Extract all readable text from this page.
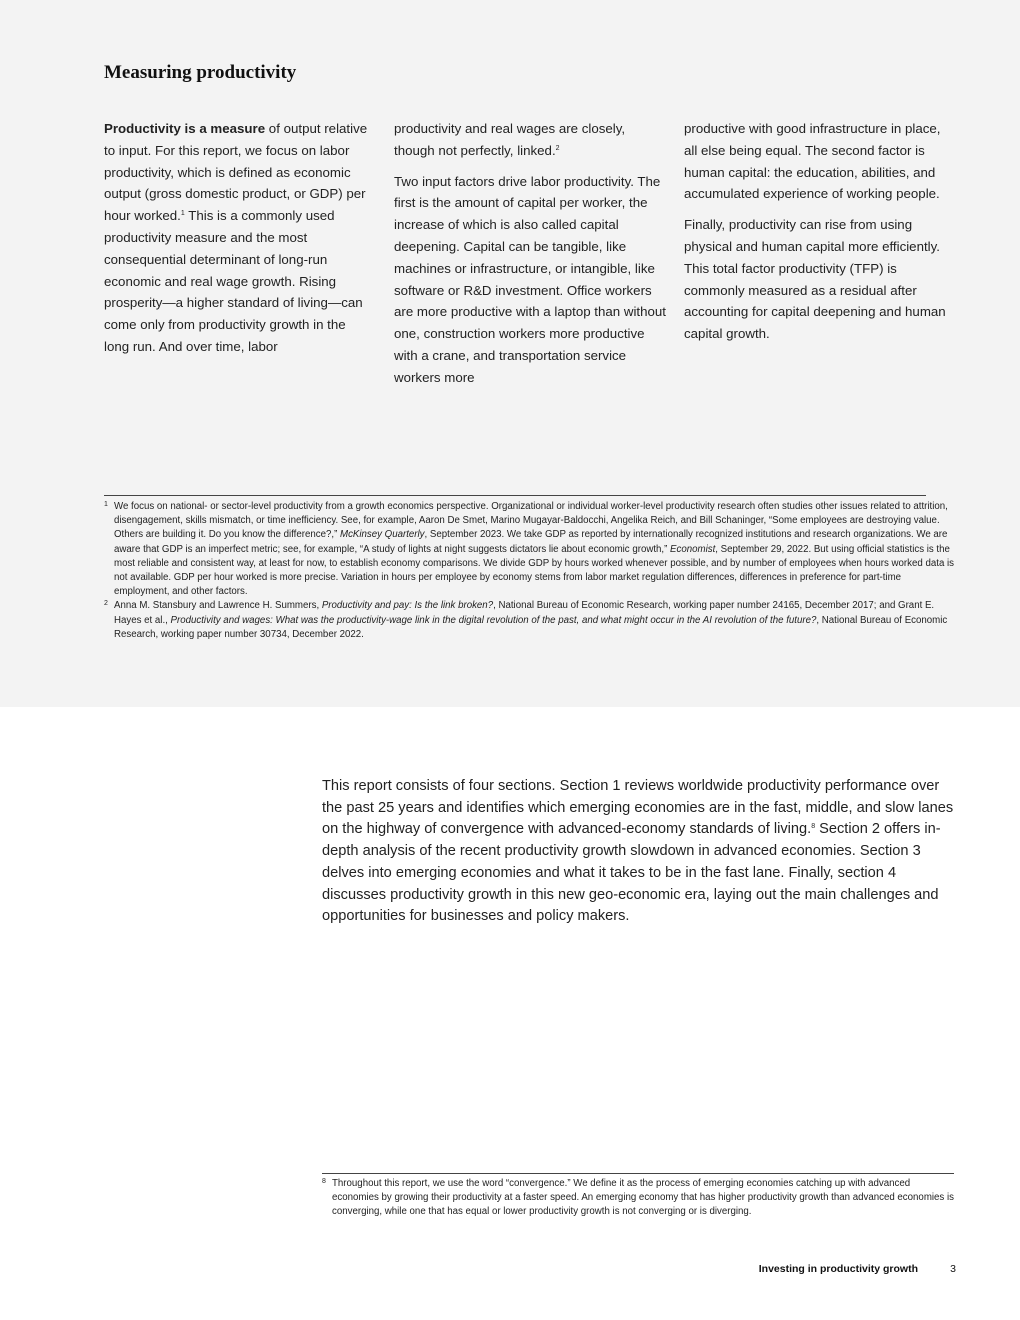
Measuring productivity

Productivity is a measure of output relative to input. For this report, we focus on labor productivity, which is defined as economic output (gross domestic product, or GDP) per hour worked.$^1$ This is a commonly used productivity measure and the most consequential determinant of long-run economic and real wage growth. Rising prosperity—a higher standard of living—can come only from productivity growth in the long run. And over time, labor

productivity and real wages are closely, though not perfectly, linked.$^2$

Two input factors drive labor productivity. The first is the amount of capital per worker, the increase of which is also called capital deepening. Capital can be tangible, like machines or infrastructure, or intangible, like software or R&D investment. Office workers are more productive with a laptop than without one, construction workers more productive with a crane, and transportation service workers more

productive with good infrastructure in place, all else being equal. The second factor is human capital: the education, abilities, and accumulated experience of working people.

Finally, productivity can rise from using physical and human capital more efficiently. This total factor productivity (TFP) is commonly measured as a residual after accounting for capital deepening and human capital growth.

1 We focus on national- or sector-level productivity from a growth economics perspective. Organizational or individual worker-level productivity research often studies other issues related to attrition, disengagement, skills mismatch, or time inefficiency. See, for example, Aaron De Smet, Marino Mugayar-Baldocchi, Angelika Reich, and Bill Schaninger, “Some employees are destroying value. Others are building it. Do you know the difference?,” McKinsey Quarterly, September 2023. We take GDP as reported by internationally recognized institutions and research organizations. We are aware that GDP is an imperfect metric; see, for example, “A study of lights at night suggests dictators lie about economic growth,” Economist, September 29, 2022. But using official statistics is the most reliable and consistent way, at least for now, to establish economy comparisons. We divide GDP by hours worked whenever possible, and by number of employees when hours worked data is not available. GDP per hour worked is more precise. Variation in hours per employee by economy stems from labor market regulation differences, differences in preference for part-time employment, and other factors.
2 Anna M. Stansbury and Lawrence H. Summers, Productivity and pay: Is the link broken?, National Bureau of Economic Research, working paper number 24165, December 2017; and Grant E. Hayes et al., Productivity and wages: What was the productivity-wage link in the digital revolution of the past, and what might occur in the AI revolution of the future?, National Bureau of Economic Research, working paper number 30734, December 2022.

This report consists of four sections. Section 1 reviews worldwide productivity performance over the past 25 years and identifies which emerging economies are in the fast, middle, and slow lanes on the highway of convergence with advanced-economy standards of living.$^8$ Section 2 offers in-depth analysis of the recent productivity growth slowdown in advanced economies. Section 3 delves into emerging economies and what it takes to be in the fast lane. Finally, section 4 discusses productivity growth in this new geo-economic era, laying out the main challenges and opportunities for businesses and policy makers.

8 Throughout this report, we use the word “convergence.” We define it as the process of emerging economies catching up with advanced economies by growing their productivity at a faster speed. An emerging economy that has higher productivity growth than advanced economies is converging, while one that has equal or lower productivity growth is not converging or is diverging.
Investing in productivity growth	3
